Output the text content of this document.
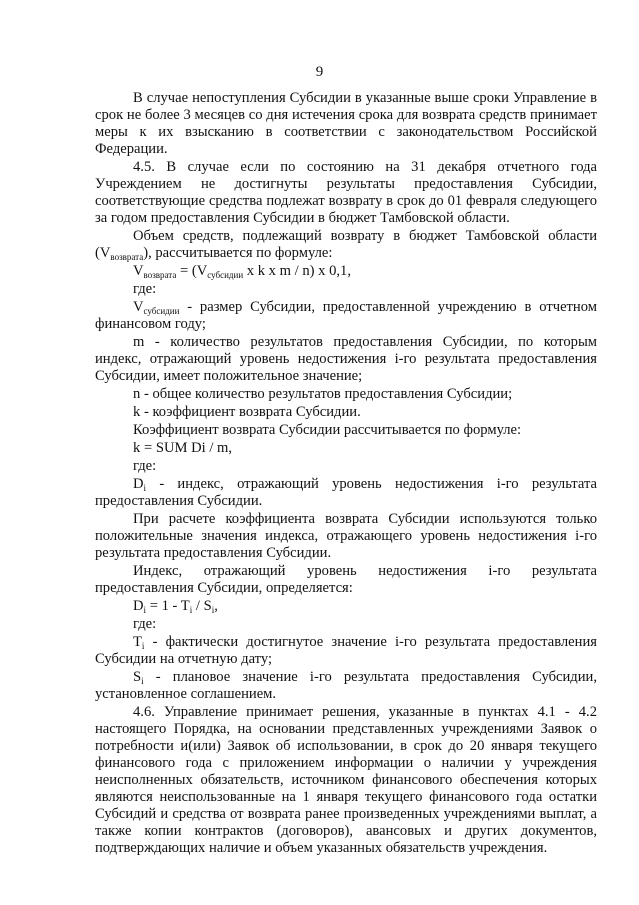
9

В случае непоступления Субсидии в указанные выше сроки Управление в срок не более 3 месяцев со дня истечения срока для возврата средств принимает меры к их взысканию в соответствии с законодательством Российской Федерации.

4.5. В случае если по состоянию на 31 декабря отчетного года Учреждением не достигнуты результаты предоставления Субсидии, соответствующие средства подлежат возврату в срок до 01 февраля следующего за годом предоставления Субсидии в бюджет Тамбовской области.

Объем средств, подлежащий возврату в бюджет Тамбовской области $(V_{возврата})$, рассчитывается по формуле:

$V_{возврата} = (V_{субсидии}$ x k x m / n) x 0,1,

где:

$V_{субсидии}$ - размер Субсидии, предоставленной учреждению в отчетном финансовом году;

m - количество результатов предоставления Субсидии, по которым индекс, отражающий уровень недостижения i-го результата предоставления Субсидии, имеет положительное значение;

n - общее количество результатов предоставления Субсидии;

k - коэффициент возврата Субсидии.

Коэффициент возврата Субсидии рассчитывается по формуле:

k = SUM Di / m,

где:

$D_i$ - индекс, отражающий уровень недостижения i-го результата предоставления Субсидии.

При расчете коэффициента возврата Субсидии используются только положительные значения индекса, отражающего уровень недостижения i-го результата предоставления Субсидии.

Индекс, отражающий уровень недостижения i-го результата предоставления Субсидии, определяется:

$D_i = 1 - T_i / S_i$,

где:

$T_i$ - фактически достигнутое значение i-го результата предоставления Субсидии на отчетную дату;

$S_i$ - плановое значение i-го результата предоставления Субсидии, установленное соглашением.

4.6. Управление принимает решения, указанные в пунктах 4.1 - 4.2 настоящего Порядка, на основании представленных учреждениями Заявок о потребности и(или) Заявок об использовании, в срок до 20 января текущего финансового года с приложением информации о наличии у учреждения неисполненных обязательств, источником финансового обеспечения которых являются неиспользованные на 1 января текущего финансового года остатки Субсидий и средства от возврата ранее произведенных учреждениями выплат, а также копии контрактов (договоров), авансовых и других документов, подтверждающих наличие и объем указанных обязательств учреждения.
